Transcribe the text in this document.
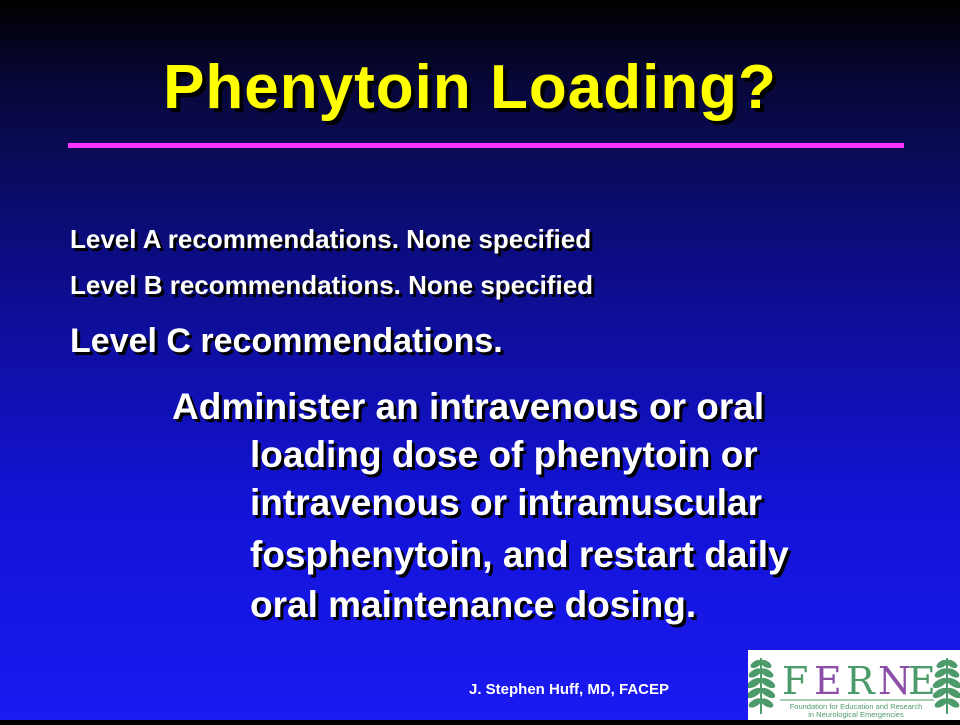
Phenytoin Loading?
Level A recommendations. None specified
Level B recommendations. None specified
Level C recommendations.
Administer an intravenous or oral
loading dose of phenytoin or
intravenous or intramuscular
fosphenytoin, and restart daily
oral maintenance dosing.
J. Stephen Huff, MD, FACEP	F E R N
E
Foundation for Education and Research
in Neurological Emergencies
